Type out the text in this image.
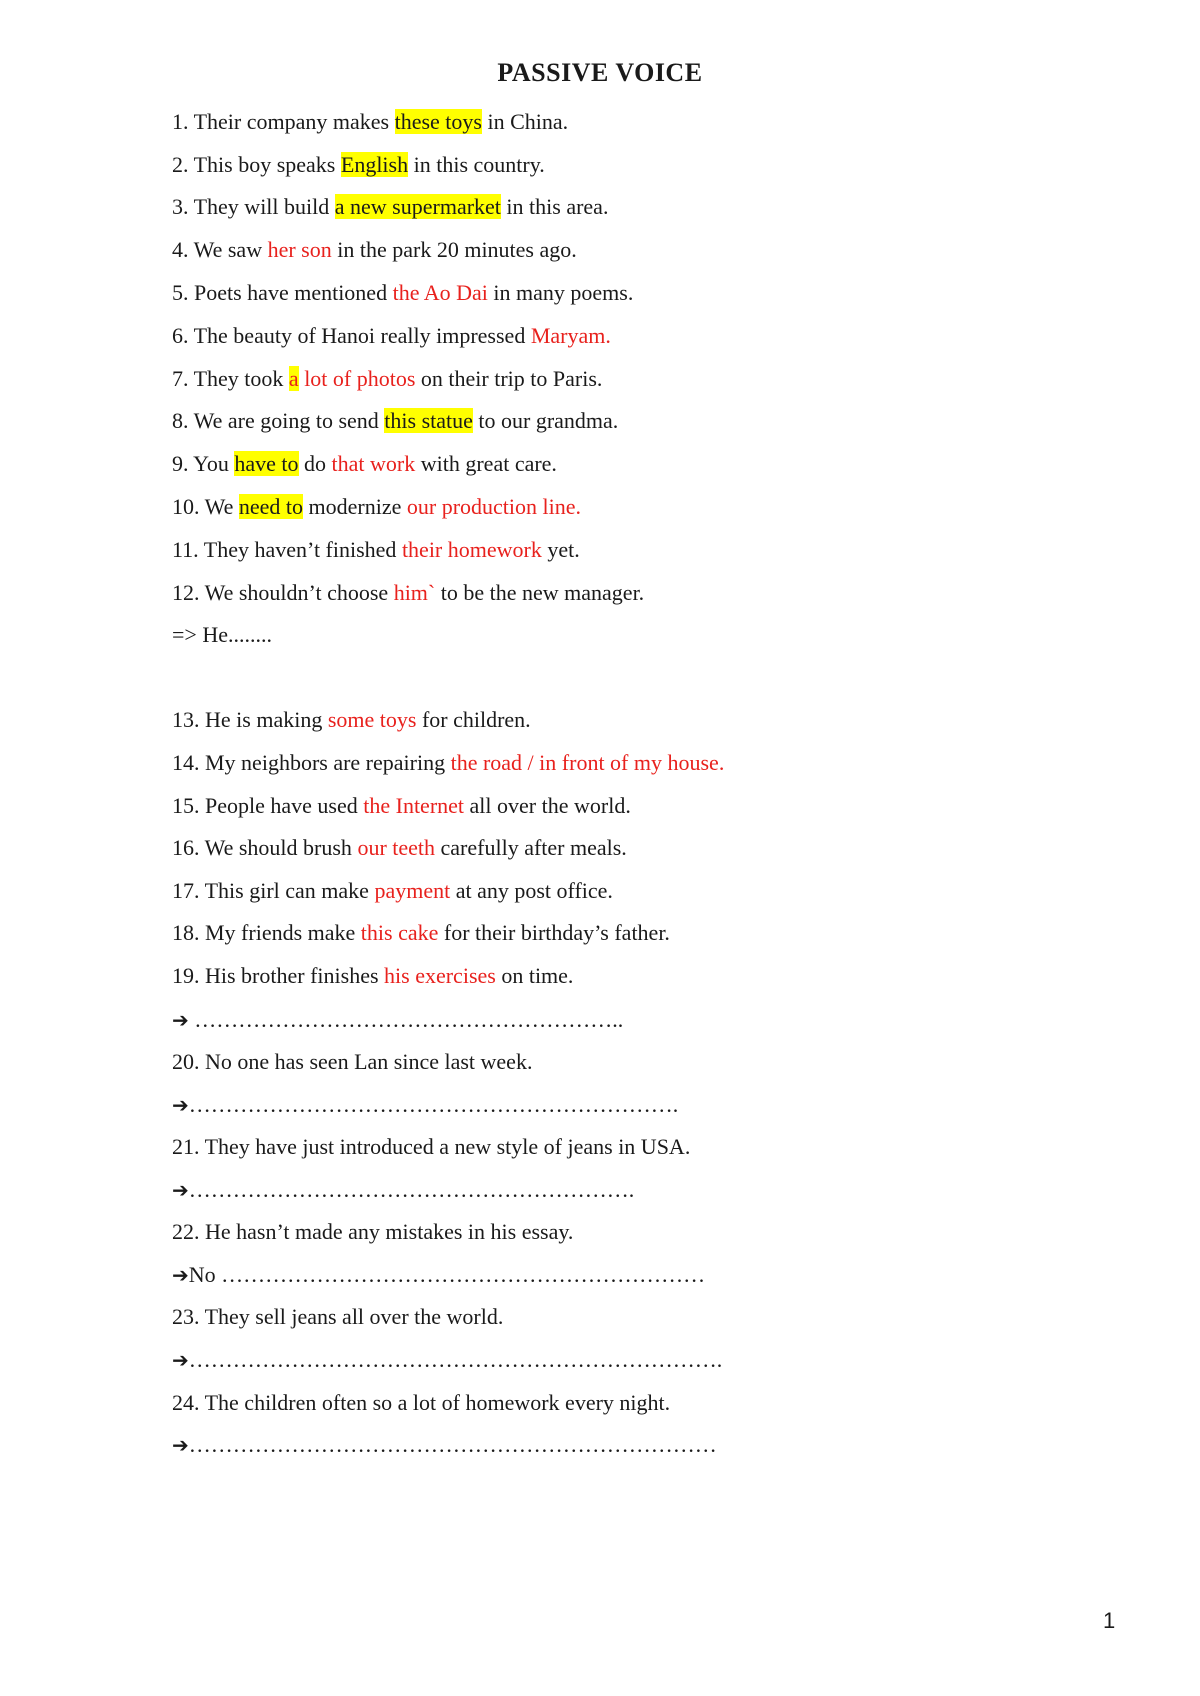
PASSIVE VOICE
1. Their company makes these toys in China.
2. This boy speaks English in this country.
3. They will build a new supermarket in this area.
4. We saw her son in the park 20 minutes ago.
5. Poets have mentioned the Ao Dai in many poems.
6. The beauty of Hanoi really impressed Maryam.
7. They took a lot of photos on their trip to Paris.
8. We are going to send this statue to our grandma.
9. You have to do that work with great care.
10. We need to modernize our production line.
11. They haven’t finished their homework yet.
12. We shouldn’t choose him` to be the new manager.
=> He........
13. He is making some toys for children.
14. My neighbors are repairing the road / in front of my house.
15. People have used the Internet all over the world.
16. We should brush our teeth carefully after meals.
17. This girl can make payment at any post office.
18. My friends make this cake for their birthday’s father.
19. His brother finishes his exercises on time.
➔ …………………………………………………..
20. No one has seen Lan since last week.
➔………………………………………………………….
21. They have just introduced a new style of jeans in USA.
➔…………………………………………………….
22. He hasn’t made any mistakes in his essay.
➔No …………………………………………………………
23. They sell jeans all over the world.
➔……………………………………………………………….
24. The children often so a lot of homework every night.
➔………………………………………………………………
1
